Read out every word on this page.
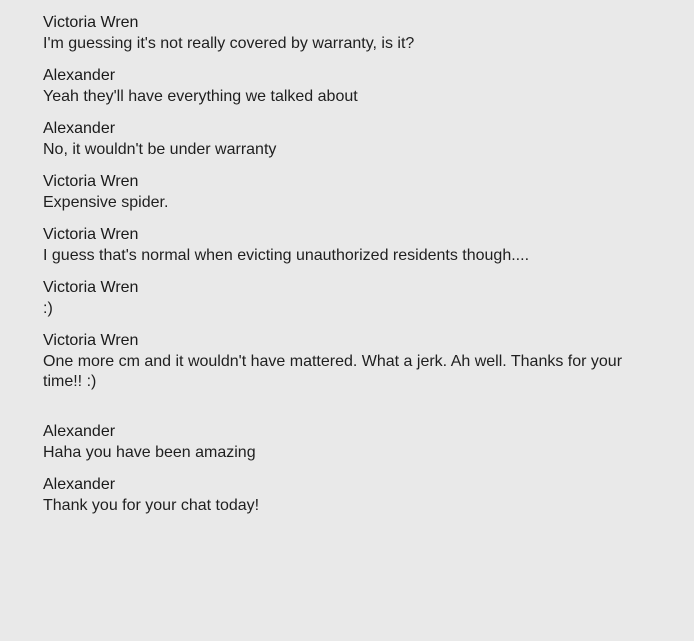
Victoria Wren
I'm guessing it's not really covered by warranty, is it?
Alexander
Yeah they'll have everything we talked about
Alexander
No, it wouldn't be under warranty
Victoria Wren
Expensive spider.
Victoria Wren
I guess that's normal when evicting unauthorized residents though....
Victoria Wren
:)
Victoria Wren
One more cm and it wouldn't have mattered. What a jerk. Ah well. Thanks for your time!! :)
Alexander
Haha you have been amazing
Alexander
Thank you for your chat today!
